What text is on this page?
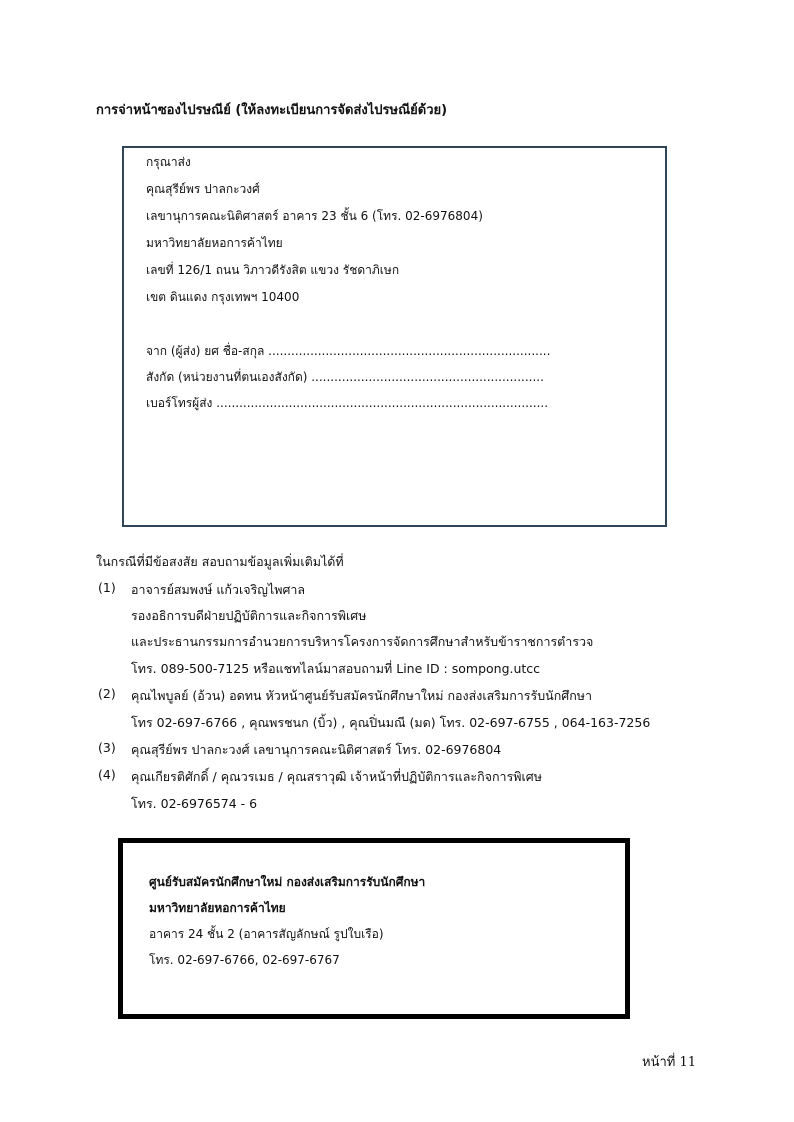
การจ่าหน้าซองไปรษณีย์ (ให้ลงทะเบียนการจัดส่งไปรษณีย์ด้วย)
กรุณาส่ง
คุณสุรีย์พร ปาลกะวงศ์
เลขานุการคณะนิติศาสตร์ อาคาร 23 ชั้น 6 (โทร. 02-6976804)
มหาวิทยาลัยหอการค้าไทย
เลขที่ 126/1 ถนน วิภาวดีรังสิต แขวง รัชดาภิเษก
เขต ดินแดง กรุงเทพฯ 10400
จาก (ผู้ส่ง) ยศ ชื่อ-สกุล ..........................................................................
สังกัด (หน่วยงานที่ตนเองสังกัด) .............................................................
เบอร์โทรผู้ส่ง .......................................................................................
ในกรณีที่มีข้อสงสัย สอบถามข้อมูลเพิ่มเติมได้ที่
(1) อาจารย์สมพงษ์ แก้วเจริญไพศาล
รองอธิการบดีฝ่ายปฏิบัติการและกิจการพิเศษ
และประธานกรรมการอำนวยการบริหารโครงการจัดการศึกษาสำหรับข้าราชการตำรวจ
โทร. 089-500-7125 หรือแชทไลน์มาสอบถามที่ Line ID : sompong.utcc
(2) คุณไพบูลย์ (อ้วน) อดทน หัวหน้าศูนย์รับสมัครนักศึกษาใหม่ กองส่งเสริมการรับนักศึกษา
โทร 02-697-6766 , คุณพรชนก (บิ้ว) , คุณปิ่นมณี (มด) โทร. 02-697-6755 , 064-163-7256
(3) คุณสุรีย์พร ปาลกะวงศ์ เลขานุการคณะนิติศาสตร์ โทร. 02-6976804
(4) คุณเกียรติศักดิ์ / คุณวรเมธ / คุณสราวุฒิ เจ้าหน้าที่ปฏิบัติการและกิจการพิเศษ
โทร. 02-6976574 - 6
ศูนย์รับสมัครนักศึกษาใหม่ กองส่งเสริมการรับนักศึกษา
มหาวิทยาลัยหอการค้าไทย
อาคาร 24 ชั้น 2 (อาคารสัญลักษณ์ รูปใบเรือ)
โทร. 02-697-6766, 02-697-6767
หน้าที่ 11
